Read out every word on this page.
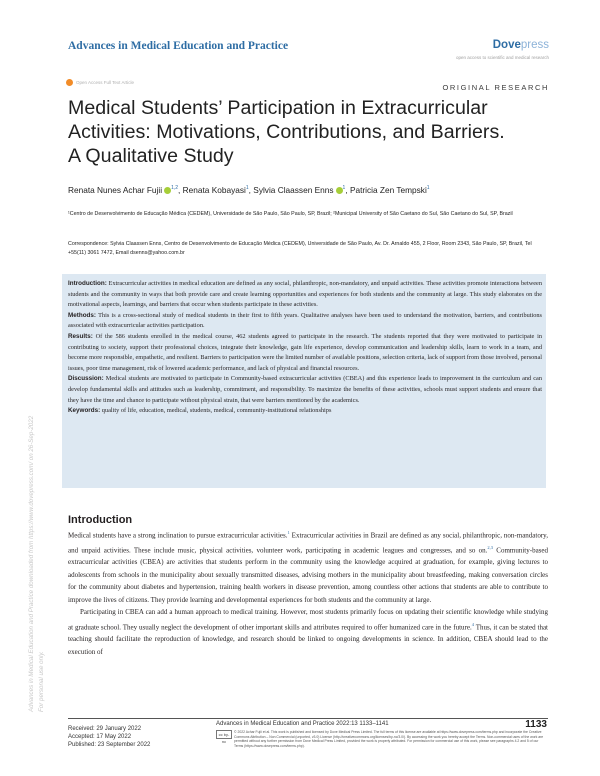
Advances in Medical Education and Practice	Dovepress
open access to scientific and medical research
Open Access Full Text Article
ORIGINAL RESEARCH
Medical Students’ Participation in Extracurricular
Activities: Motivations, Contributions, and Barriers.
A Qualitative Study
Renata Nunes Achar Fujii $^{1,2}$, Renata Kobayasi$^1$, Sylvia Claassen Enns $^1$, Patricia Zen Tempski$^1$
¹Centro de Desenvolvimento de Educação Médica (CEDEM), Universidade de São Paulo, São Paulo, SP, Brazil; ²Municipal University of São Caetano do Sul, São Caetano do Sul, SP, Brazil
Correspondence: Sylvia Claassen Enns, Centro de Desenvolvimento de Educação Médica (CEDEM), Universidade de São Paulo, Av. Dr. Arnaldo 455, 2 Floor, Room 2343, São Paulo, SP, Brazil, Tel +55(11) 3061 7472, Email dsenns@yahoo.com.br

Introduction: Extracurricular activities in medical education are defined as any social, philanthropic, non-mandatory, and unpaid activities. These activities promote interactions between students and the community in ways that both provide care and create learning opportunities and experiences for both students and the community at large. This study elaborates on the motivational aspects, learnings, and barriers that occur when students participate in these activities.

Methods: This is a cross-sectional study of medical students in their first to fifth years. Qualitative analyses have been used to understand the motivation, barriers, and contributions associated with extracurricular activities participation.

Results: Of the 586 students enrolled in the medical course, 462 students agreed to participate in the research. The students reported that they were motivated to participate in contributing to society, support their professional choices, integrate their knowledge, gain life experience, develop communication and leadership skills, learn to work in a team, and become more responsible, empathetic, and resilient. Barriers to participation were the limited number of available positions, selection criteria, lack of support from those involved, personal issues, poor time management, risk of lowered academic performance, and lack of physical and financial resources.

Discussion: Medical students are motivated to participate in Community-based extracurricular activities (CBEA) and this experience leads to improvement in the curriculum and can develop fundamental skills and attitudes such as leadership, commitment, and responsibility. To maximize the benefits of these activities, schools must support students and ensure that they have the time and chance to participate without physical strain, that were barriers mentioned by the academics.

Keywords: quality of life, education, medical, students, medical, community-institutional relationships

Introduction

Medical students have a strong inclination to pursue extracurricular activities.$^1$ Extracurricular activities in Brazil are defined as any social, philanthropic, non-mandatory, and unpaid activities. These include music, physical activities, volunteer work, participating in academic leagues and congresses, and so on.$^{2,3}$ Community-based extracurricular activities (CBEA) are activities that students perform in the community using the knowledge acquired at graduation, for example, giving lectures to adolescents from schools in the municipality about sexually transmitted diseases, advising mothers in the municipality about breastfeeding, making conversation circles for the community about diabetes and hypertension, training health workers in disease prevention, among countless other actions that students are able to contribute to improve the lives of citizens. They provide learning and developmental experiences for both students and the community at large.

Participating in CBEA can add a human approach to medical training. However, most students primarily focus on updating their scientific knowledge while studying at graduate school. They usually neglect the development of other important skills and attributes required to offer humanized care in the future.$^4$ Thus, it can be stated that teaching should facilitate the reproduction of knowledge, and research should be linked to ongoing developments in science. In addition, CBEA should lead to the execution of

Advances in Medical Education and Practice downloaded from https://www.dovepress.com/ on 26-Sep-2022 For personal use only.
Received: 29 January 2022
Accepted: 17 May 2022
Published: 23 September 2022
Advances in Medical Education and Practice 2022:13 1133–1141	1133
cc by-nc
© 2022 Achar Fujii et al. This work is published and licensed by Dove Medical Press Limited. The full terms of this license are available at https://www.dovepress.com/terms.php and incorporate the Creative Commons Attribution – Non Commercial (unported, v3.0) License (http://creativecommons.org/licenses/by-nc/3.0/). By accessing the work you hereby accept the Terms. Non-commercial uses of the work are permitted without any further permission from Dove Medical Press Limited, provided the work is properly attributed. For permission for commercial use of this work, please see paragraphs 4.2 and 5 of our Terms (https://www.dovepress.com/terms.php).
